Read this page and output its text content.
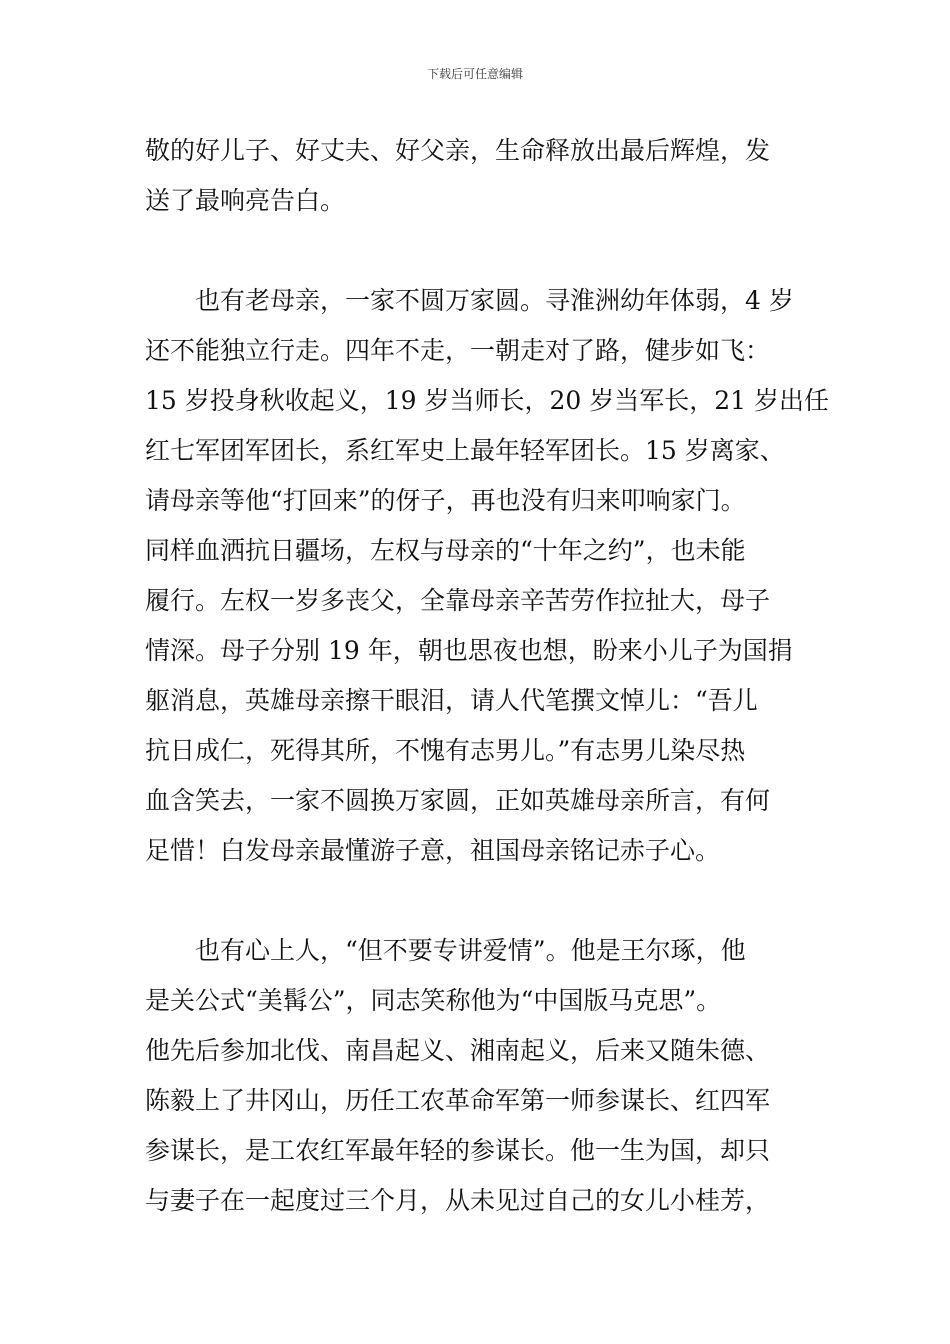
下载后可任意编辑
敬的好儿子、好丈夫、好父亲，生命释放出最后辉煌，发
送了最响亮告白。
　　也有老母亲，一家不圆万家圆。寻淮洲幼年体弱，4 岁
还不能独立行走。四年不走，一朝走对了路，健步如飞：
15 岁投身秋收起义，19 岁当师长，20 岁当军长，21 岁出任
红七军团军团长，系红军史上最年轻军团长。15 岁离家、
请母亲等他“打回来”的伢子，再也没有归来叩响家门。
同样血洒抗日疆场，左权与母亲的“十年之约”，也未能
履行。左权一岁多丧父，全靠母亲辛苦劳作拉扯大，母子
情深。母子分别 19 年，朝也思夜也想，盼来小儿子为国捐
躯消息，英雄母亲擦干眼泪，请人代笔撰文悼儿：“吾儿
抗日成仁，死得其所，不愧有志男儿。”有志男儿染尽热
血含笑去，一家不圆换万家圆，正如英雄母亲所言，有何
足惜！白发母亲最懂游子意，祖国母亲铭记赤子心。
　　也有心上人，“但不要专讲爱情”。他是王尔琢，他
是关公式“美髯公”，同志笑称他为“中国版马克思”。
他先后参加北伐、南昌起义、湘南起义，后来又随朱德、
陈毅上了井冈山，历任工农革命军第一师参谋长、红四军
参谋长，是工农红军最年轻的参谋长。他一生为国，却只
与妻子在一起度过三个月，从未见过自己的女儿小桂芳，
